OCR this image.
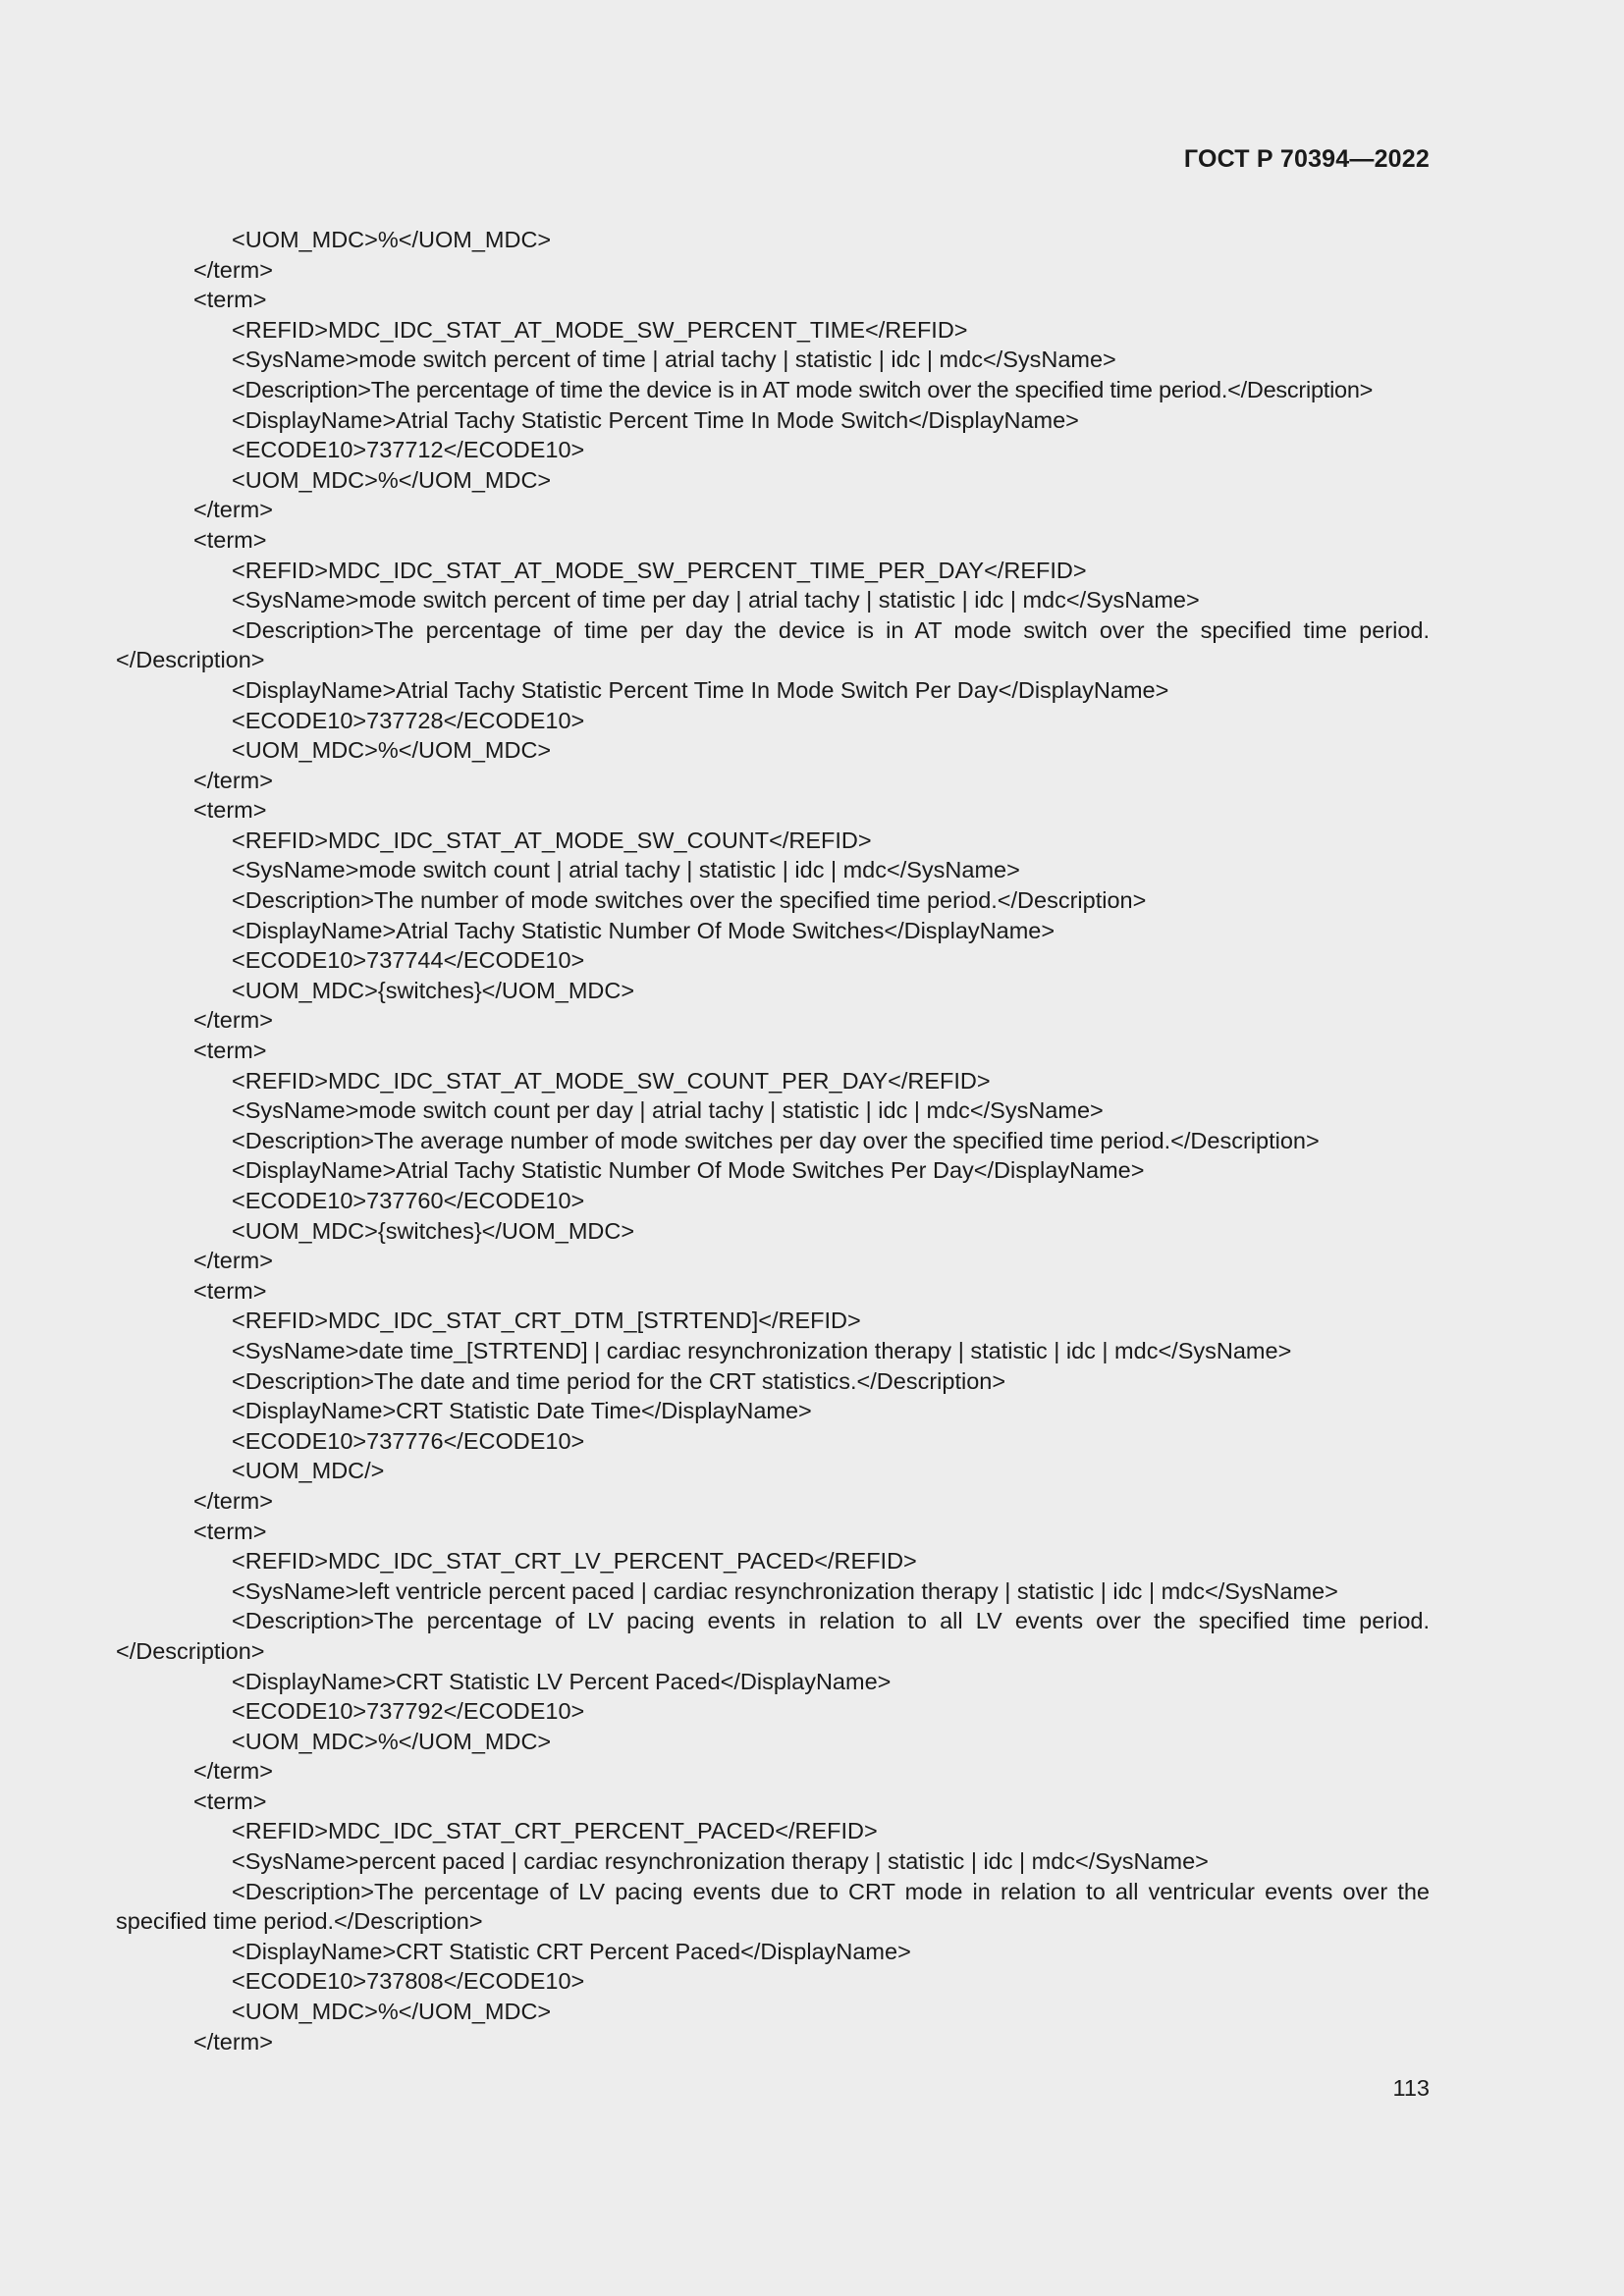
ГОСТ Р 70394—2022
<UOM_MDC>%</UOM_MDC>
</term>
<term>
<REFID>MDC_IDC_STAT_AT_MODE_SW_PERCENT_TIME</REFID>
<SysName>mode switch percent of time | atrial tachy | statistic | idc | mdc</SysName>
<Description>The percentage of time the device is in AT mode switch over the specified time period.</Description>
<DisplayName>Atrial Tachy Statistic Percent Time In Mode Switch</DisplayName>
<ECODE10>737712</ECODE10>
<UOM_MDC>%</UOM_MDC>
</term>
<term>
<REFID>MDC_IDC_STAT_AT_MODE_SW_PERCENT_TIME_PER_DAY</REFID>
<SysName>mode switch percent of time per day | atrial tachy | statistic | idc | mdc</SysName>
<Description>The percentage of time per day the device is in AT mode switch over the specified time period.</Description>
<DisplayName>Atrial Tachy Statistic Percent Time In Mode Switch Per Day</DisplayName>
<ECODE10>737728</ECODE10>
<UOM_MDC>%</UOM_MDC>
</term>
<term>
<REFID>MDC_IDC_STAT_AT_MODE_SW_COUNT</REFID>
<SysName>mode switch count | atrial tachy | statistic | idc | mdc</SysName>
<Description>The number of mode switches over the specified time period.</Description>
<DisplayName>Atrial Tachy Statistic Number Of Mode Switches</DisplayName>
<ECODE10>737744</ECODE10>
<UOM_MDC>{switches}</UOM_MDC>
</term>
<term>
<REFID>MDC_IDC_STAT_AT_MODE_SW_COUNT_PER_DAY</REFID>
<SysName>mode switch count per day | atrial tachy | statistic | idc | mdc</SysName>
<Description>The average number of mode switches per day over the specified time period.</Description>
<DisplayName>Atrial Tachy Statistic Number Of Mode Switches Per Day</DisplayName>
<ECODE10>737760</ECODE10>
<UOM_MDC>{switches}</UOM_MDC>
</term>
<term>
<REFID>MDC_IDC_STAT_CRT_DTM_[STRTEND]</REFID>
<SysName>date time_[STRTEND] | cardiac resynchronization therapy | statistic | idc | mdc</SysName>
<Description>The date and time period for the CRT statistics.</Description>
<DisplayName>CRT Statistic Date Time</DisplayName>
<ECODE10>737776</ECODE10>
<UOM_MDC/>
</term>
<term>
<REFID>MDC_IDC_STAT_CRT_LV_PERCENT_PACED</REFID>
<SysName>left ventricle percent paced | cardiac resynchronization therapy | statistic | idc | mdc</SysName>
<Description>The percentage of LV pacing events in relation to all LV events over the specified time period.</Description>
<DisplayName>CRT Statistic LV Percent Paced</DisplayName>
<ECODE10>737792</ECODE10>
<UOM_MDC>%</UOM_MDC>
</term>
<term>
<REFID>MDC_IDC_STAT_CRT_PERCENT_PACED</REFID>
<SysName>percent paced | cardiac resynchronization therapy | statistic | idc | mdc</SysName>
<Description>The percentage of LV pacing events due to CRT mode in relation to all ventricular events over the specified time period.</Description>
<DisplayName>CRT Statistic CRT Percent Paced</DisplayName>
<ECODE10>737808</ECODE10>
<UOM_MDC>%</UOM_MDC>
</term>
113
